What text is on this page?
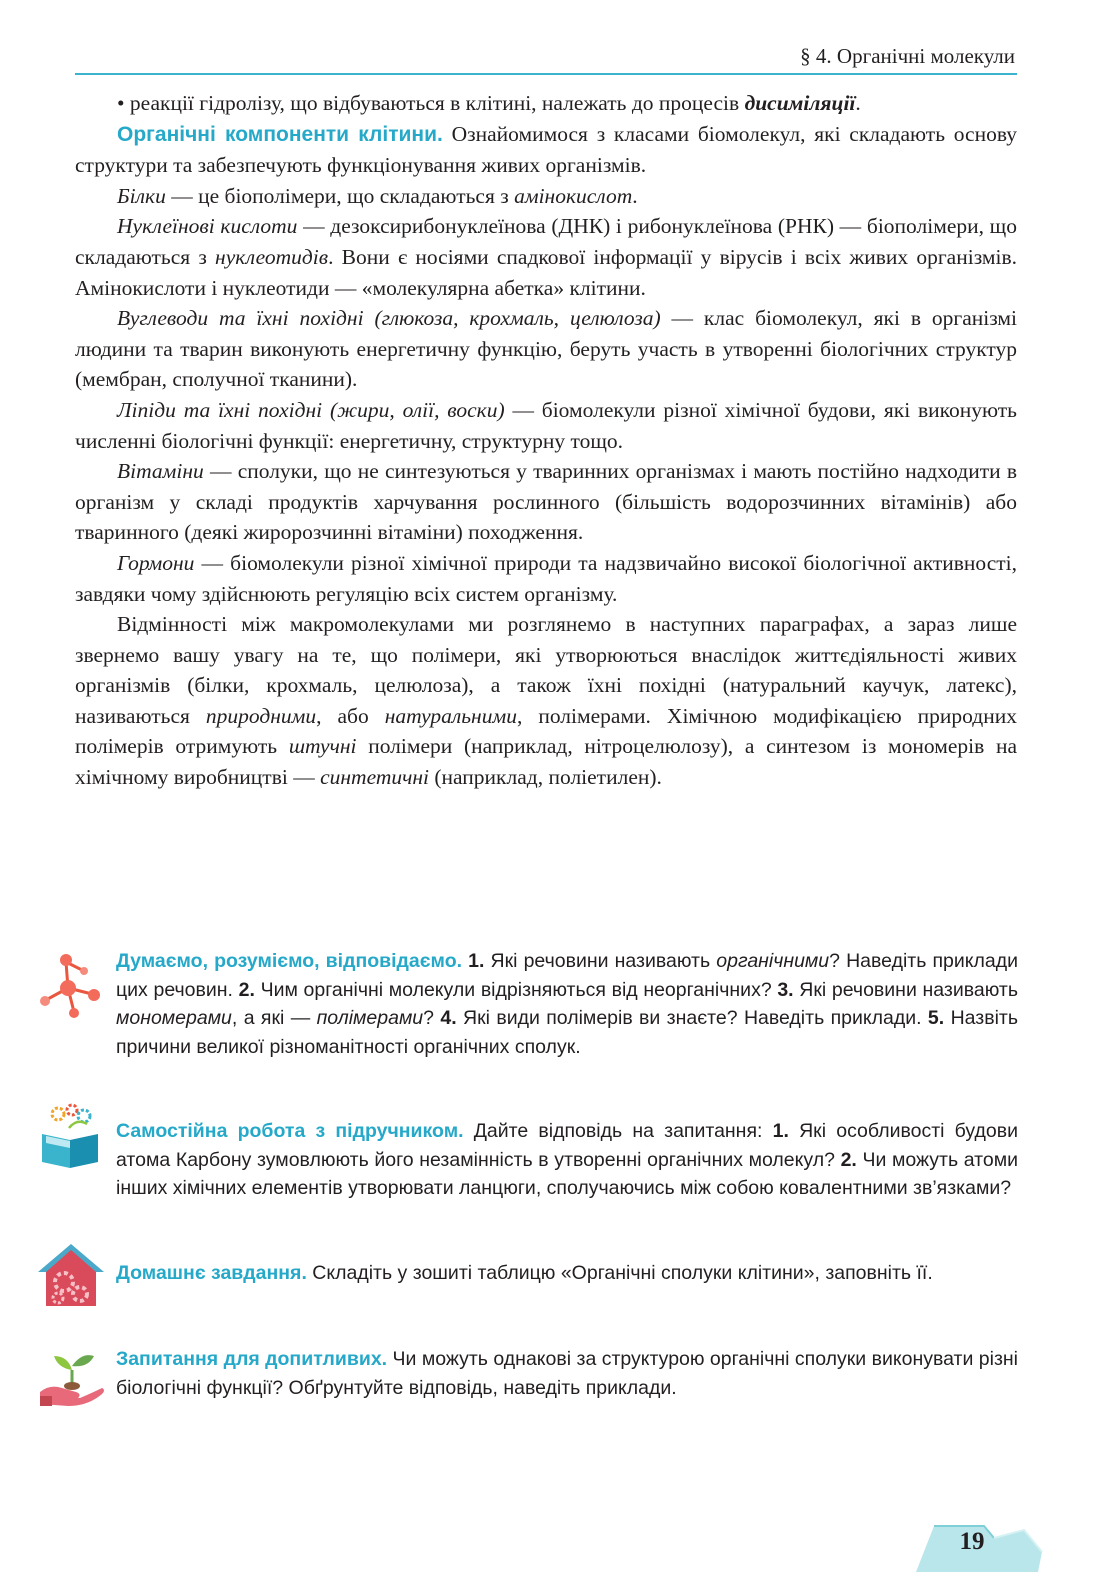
§ 4. Органічні молекули

• реакції гідролізу, що відбуваються в клітині, належать до процесів дисиміляції.

Органічні компоненти клітини. Ознайомимося з класами біомолекул, які складають основу структури та забезпечують функціонування живих організмів.

Білки — це біополімери, що складаються з амінокислот.

Нуклеїнові кислоти — дезоксирибонуклеїнова (ДНК) і рибонуклеїнова (РНК) — біополімери, що складаються з нуклеотидів. Вони є носіями спадкової інформації у вірусів і всіх живих організмів. Амінокислоти і нуклеотиди — «молекулярна абетка» клітини.

Вуглеводи та їхні похідні (глюкоза, крохмаль, целюлоза) — клас біомолекул, які в організмі людини та тварин виконують енергетичну функцію, беруть участь в утворенні біологічних структур (мембран, сполучної тканини).

Ліпіди та їхні похідні (жири, олії, воски) — біомолекули різної хімічної будови, які виконують численні біологічні функції: енергетичну, структурну тощо.

Вітаміни — сполуки, що не синтезуються у тваринних організмах і мають постійно надходити в організм у складі продуктів харчування рослинного (більшість водорозчинних вітамінів) або тваринного (деякі жиророзчинні вітаміни) походження.

Гормони — біомолекули різної хімічної природи та надзвичайно високої біологічної активності, завдяки чому здійснюють регуляцію всіх систем організму.

Відмінності між макромолекулами ми розглянемо в наступних параграфах, а зараз лише звернемо вашу увагу на те, що полімери, які утворюються внаслідок життєдіяльності живих організмів (білки, крохмаль, целюлоза), а також їхні похідні (натуральний каучук, латекс), називаються природними, або натуральними, полімерами. Хімічною модифікацією природних полімерів отримують штучні полімери (наприклад, нітроцелюлозу), а синтезом із мономерів на хімічному виробництві — синтетичні (наприклад, поліетилен).

Думаємо, розуміємо, відповідаємо. 1. Які речовини називають органічними? Наведіть приклади цих речовин. 2. Чим органічні молекули відрізняються від неорганічних? 3. Які речовини називають мономерами, а які — полімерами? 4. Які види полімерів ви знаєте? Наведіть приклади. 5. Назвіть причини великої різноманітності органічних сполук.
Самостійна робота з підручником. Дайте відповідь на запитання: 1. Які особливості будови атома Карбону зумовлюють його незамінність в утворенні органічних молекул? 2. Чи можуть атоми інших хімічних елементів утворювати ланцюги, сполучаючись між собою ковалентними зв’язками?
Домашнє завдання. Складіть у зошиті таблицю «Органічні сполуки клітини», заповніть її.
Запитання для допитливих. Чи можуть однакові за структурою органічні сполуки виконувати різні біологічні функції? Обґрунтуйте відповідь, наведіть приклади.
19
